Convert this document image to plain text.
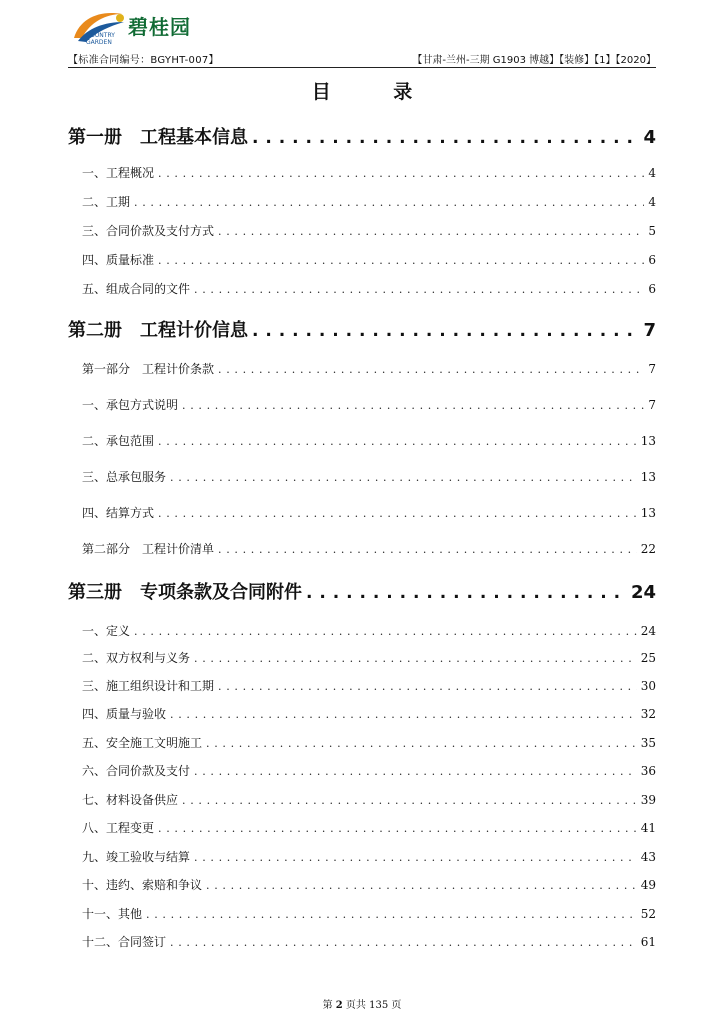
碧桂园
COUNTRY
GARDEN
【标准合同编号：BGYHT-007】	【甘肃-兰州-三期 G1903 博越】【装修】【1】【2020】
目 录
第一册　工程基本信息 . . .	4
一、工程概况 . . .	4
二、工期 . . .	4
三、合同价款及支付方式 . . .	5
四、质量标准 . . .	6
五、组成合同的文件 . . .	6
第二册　工程计价信息 . . .	7
第一部分　工程计价条款 . . .	7
一、承包方式说明 . . .	7
二、承包范围 . . .	13
三、总承包服务 . . .	13
四、结算方式 . . .	13
第二部分　工程计价清单 . . .	22
第三册　专项条款及合同附件 . . .	24
一、定义 . . .	24
二、双方权利与义务 . . .	25
三、施工组织设计和工期 . . .	30
四、质量与验收 . . .	32
五、安全施工文明施工 . . .	35
六、合同价款及支付 . . .	36
七、材料设备供应 . . .	39
八、工程变更 . . .	41
九、竣工验收与结算 . . .	43
十、违约、索赔和争议 . . .	49
十一、其他 . . .	52
十二、合同签订 . . .	61
第 2 页共 135 页
